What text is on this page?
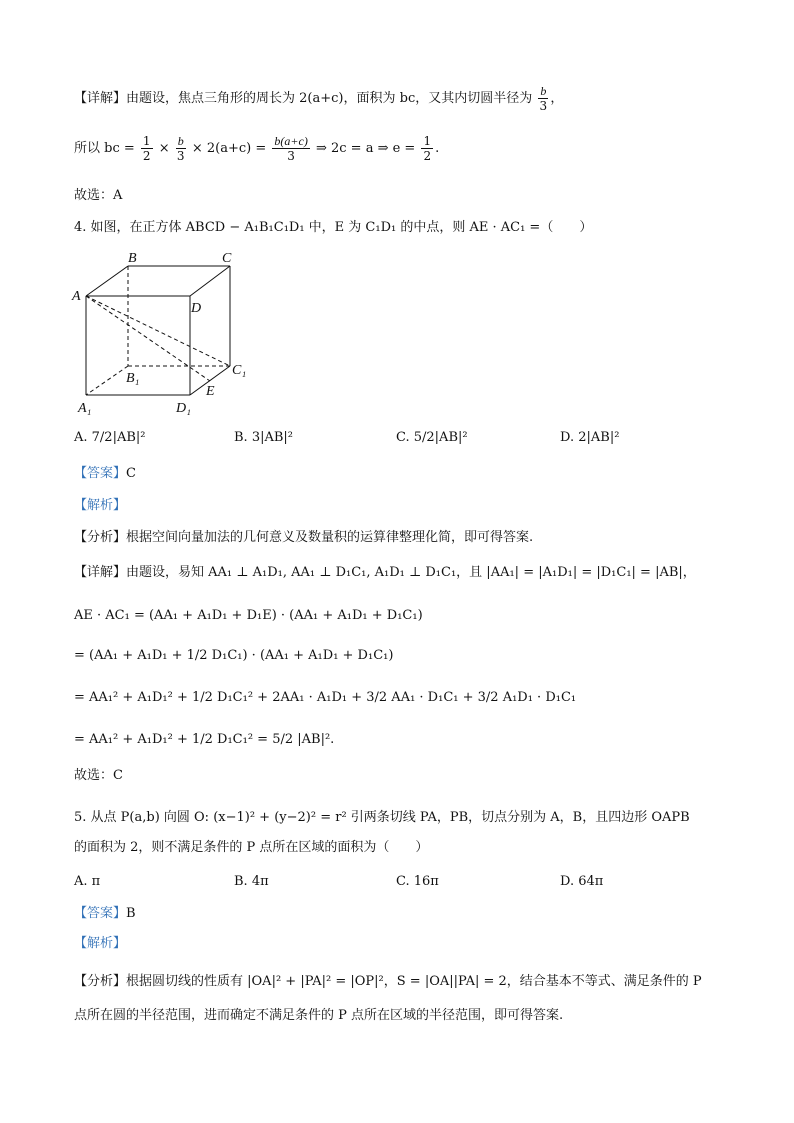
【详解】由题设，焦点三角形的周长为 2(a+c)，面积为 bc，又其内切圆半径为 $\frac{b}{3}$ ，
所以 bc = $\frac{1}{2} \times \frac{b}{3} \times 2(a+c) = \frac{b(a+c)}{3}$ ⇒ 2c = a ⇒ $e = \frac{1}{2}$ .
故选：A
4. 如图，在正方体 ABCD − A₁B₁C₁D₁ 中，E 为 C₁D₁ 的中点，则 AE · AC₁ =（　　）
A
B	C
D
B₁
C₁
E
A₁	D₁
A. 7/2|AB|²	B. 3|AB|²	C. 5/2|AB|²	D. 2|AB|²
【答案】C
【解析】
【分析】根据空间向量加法的几何意义及数量积的运算律整理化简，即可得答案.
【详解】由题设，易知 AA₁ ⊥ A₁D₁, AA₁ ⊥ D₁C₁, A₁D₁ ⊥ D₁C₁，且 |AA₁| = |A₁D₁| = |D₁C₁| = |AB|，
AE · AC₁ = (AA₁ + A₁D₁ + D₁E) · (AA₁ + A₁D₁ + D₁C₁)
= (AA₁ + A₁D₁ + 1/2 D₁C₁) · (AA₁ + A₁D₁ + D₁C₁)
= AA₁² + A₁D₁² + 1/2 D₁C₁² + 2AA₁ · A₁D₁ + 3/2 AA₁ · D₁C₁ + 3/2 A₁D₁ · D₁C₁
= AA₁² + A₁D₁² + 1/2 D₁C₁² = 5/2 |AB|².
故选：C
5. 从点 P(a,b) 向圆 O: (x−1)² + (y−2)² = r² 引两条切线 PA，PB，切点分别为 A，B，且四边形 OAPB
的面积为 2，则不满足条件的 P 点所在区域的面积为（　　）
A. π	B. 4π	C. 16π	D. 64π
【答案】B
【解析】
【分析】根据圆切线的性质有 |OA|² + |PA|² = |OP|²，S = |OA||PA| = 2，结合基本不等式、满足条件的 P
点所在圆的半径范围，进而确定不满足条件的 P 点所在区域的半径范围，即可得答案.
